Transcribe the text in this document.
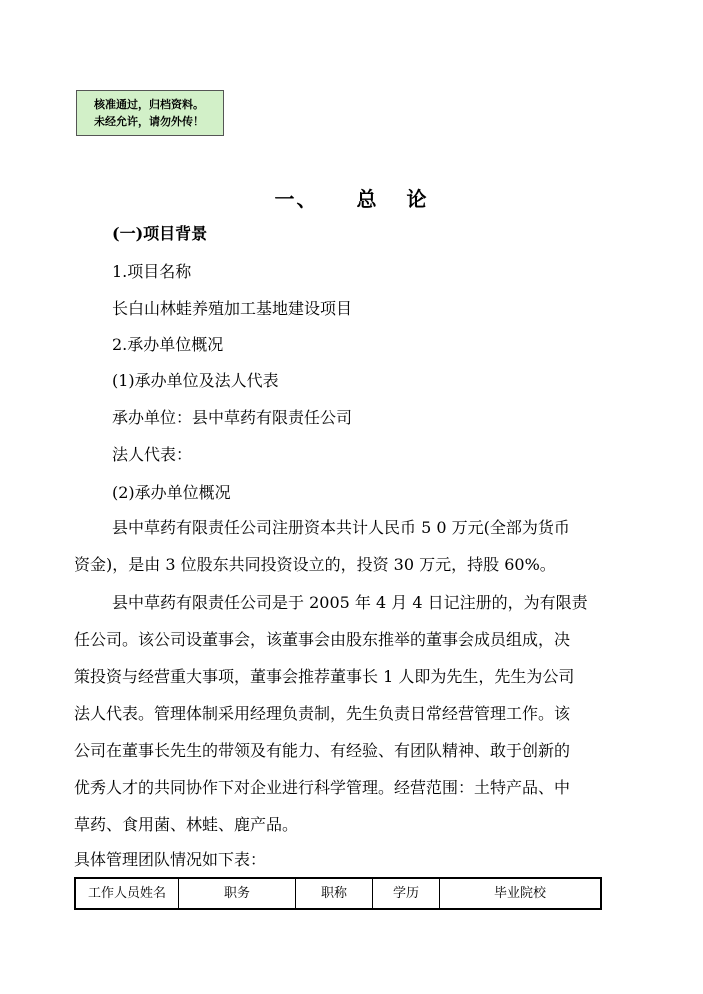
核准通过，归档资料。
未经允许，请勿外传！
一、 总 论
(一)项目背景
1.项目名称
长白山林蛙养殖加工基地建设项目
2.承办单位概况
(1)承办单位及法人代表
承办单位：县中草药有限责任公司
法人代表：
(2)承办单位概况
县中草药有限责任公司注册资本共计人民币 5 0 万元(全部为货币
资金)，是由 3 位股东共同投资设立的，投资 30 万元，持股 60%。
县中草药有限责任公司是于 2005 年 4 月 4 日记注册的，为有限责
任公司。该公司设董事会，该董事会由股东推举的董事会成员组成，决
策投资与经营重大事项，董事会推荐董事长 1 人即为先生，先生为公司
法人代表。管理体制采用经理负责制，先生负责日常经营管理工作。该
公司在董事长先生的带领及有能力、有经验、有团队精神、敢于创新的
优秀人才的共同协作下对企业进行科学管理。经营范围：土特产品、中
草药、食用菌、林蛙、鹿产品。
具体管理团队情况如下表：
工作人员姓名	职务	职称	学历	毕业院校
